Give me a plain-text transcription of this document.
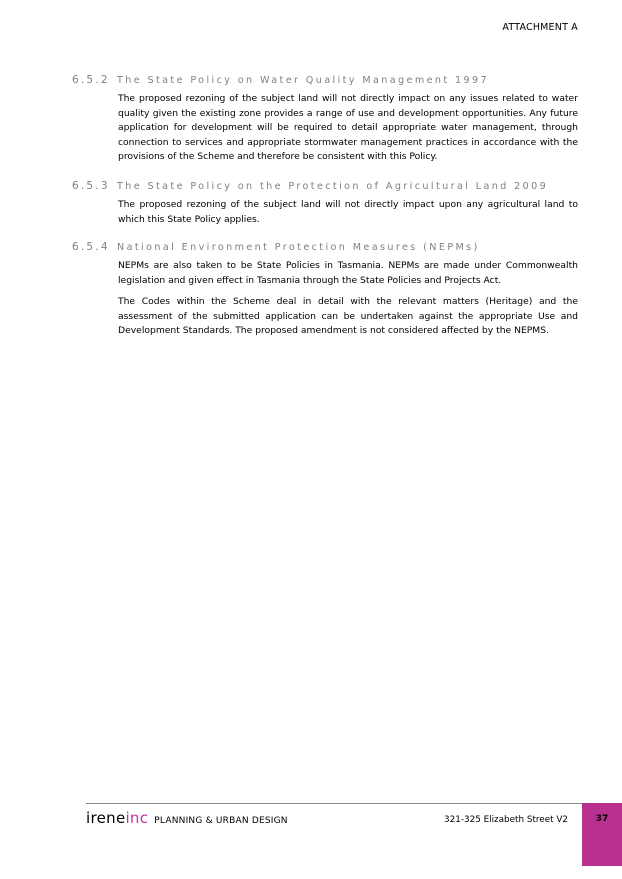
ATTACHMENT A
6.5.2 The State Policy on Water Quality Management 1997

The proposed rezoning of the subject land will not directly impact on any issues related to water quality given the existing zone provides a range of use and development opportunities. Any future application for development will be required to detail appropriate water management, through connection to services and appropriate stormwater management practices in accordance with the provisions of the Scheme and therefore be consistent with this Policy.

6.5.3 The State Policy on the Protection of Agricultural Land 2009

The proposed rezoning of the subject land will not directly impact upon any agricultural land to which this State Policy applies.

6.5.4 National Environment Protection Measures (NEPMs)

NEPMs are also taken to be State Policies in Tasmania. NEPMs are made under Commonwealth legislation and given effect in Tasmania through the State Policies and Projects Act.

The Codes within the Scheme deal in detail with the relevant matters (Heritage) and the assessment of the submitted application can be undertaken against the appropriate Use and Development Standards. The proposed amendment is not considered affected by the NEPMS.

ireneinc PLANNING & URBAN DESIGN	321-325 Elizabeth Street V2	37
